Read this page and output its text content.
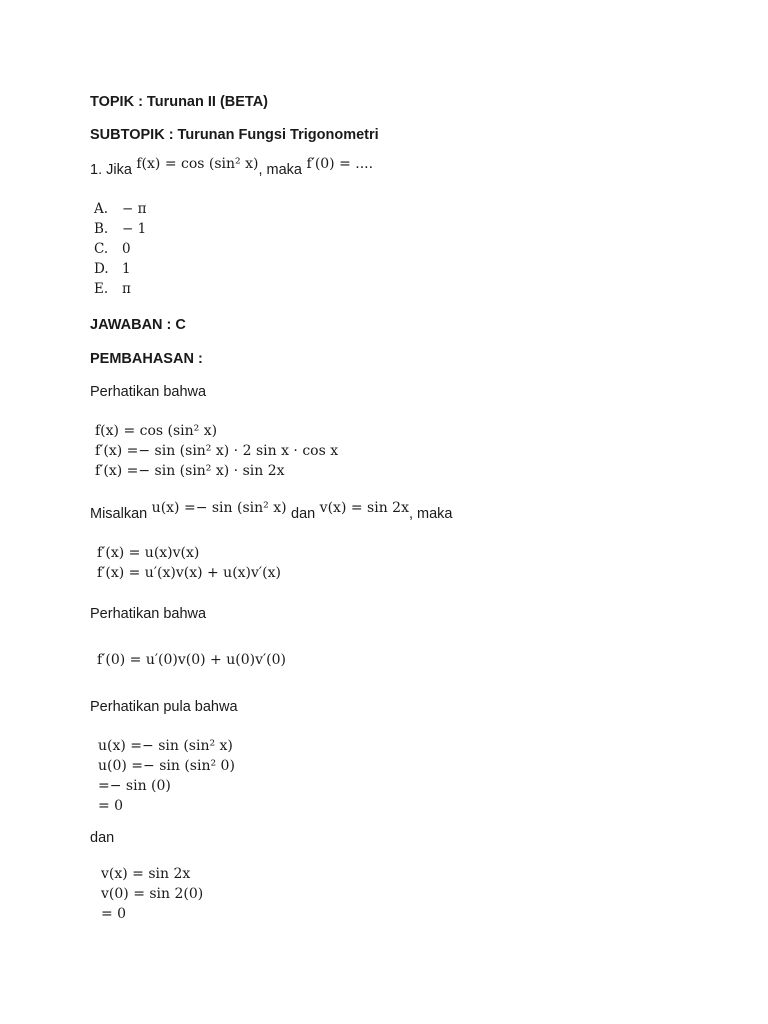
TOPIK : Turunan II (BETA)
SUBTOPIK : Turunan Fungsi Trigonometri
1. Jika f(x) = cos (sin² x), maka f′(0) = ....
A. − π
B. − 1
C. 0
D. 1
E. π
JAWABAN : C
PEMBAHASAN :
Perhatikan bahwa
f(x) = cos (sin² x)
f′(x) =− sin (sin² x) · 2 sin x · cos x
f′(x) =− sin (sin² x) · sin 2x
Misalkan u(x) =− sin (sin² x) dan v(x) = sin 2x, maka
f′(x) = u(x)v(x)
f′(x) = u′(x)v(x) + u(x)v′(x)
Perhatikan bahwa
f′(0) = u′(0)v(0) + u(0)v′(0)
Perhatikan pula bahwa
u(x) =− sin (sin² x)
u(0) =− sin (sin² 0)
=− sin (0)
= 0
dan
v(x) = sin 2x
v(0) = sin 2(0)
= 0
